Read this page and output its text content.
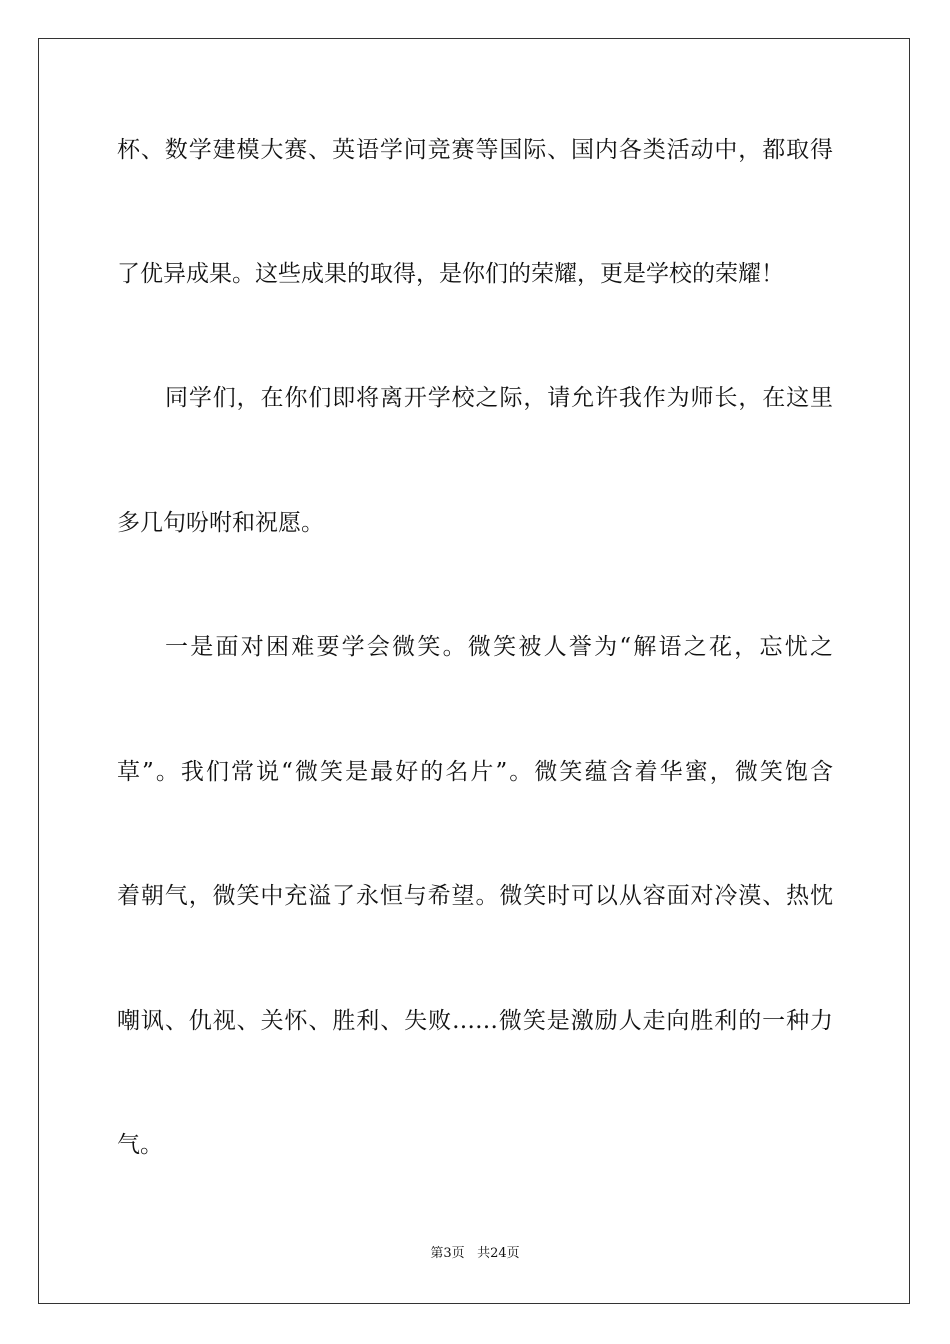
杯、数学建模大赛、英语学问竞赛等国际、国内各类活动中，都取得
了优异成果。这些成果的取得，是你们的荣耀，更是学校的荣耀！
同学们，在你们即将离开学校之际，请允许我作为师长，在这里
多几句吩咐和祝愿。
一是面对困难要学会微笑。微笑被人誉为“解语之花，忘忧之
草”。我们常说“微笑是最好的名片”。微笑蕴含着华蜜，微笑饱含
着朝气，微笑中充溢了永恒与希望。微笑时可以从容面对冷漠、热忱
嘲讽、仇视、关怀、胜利、失败……微笑是激励人走向胜利的一种力
气。
第3页 共24页
